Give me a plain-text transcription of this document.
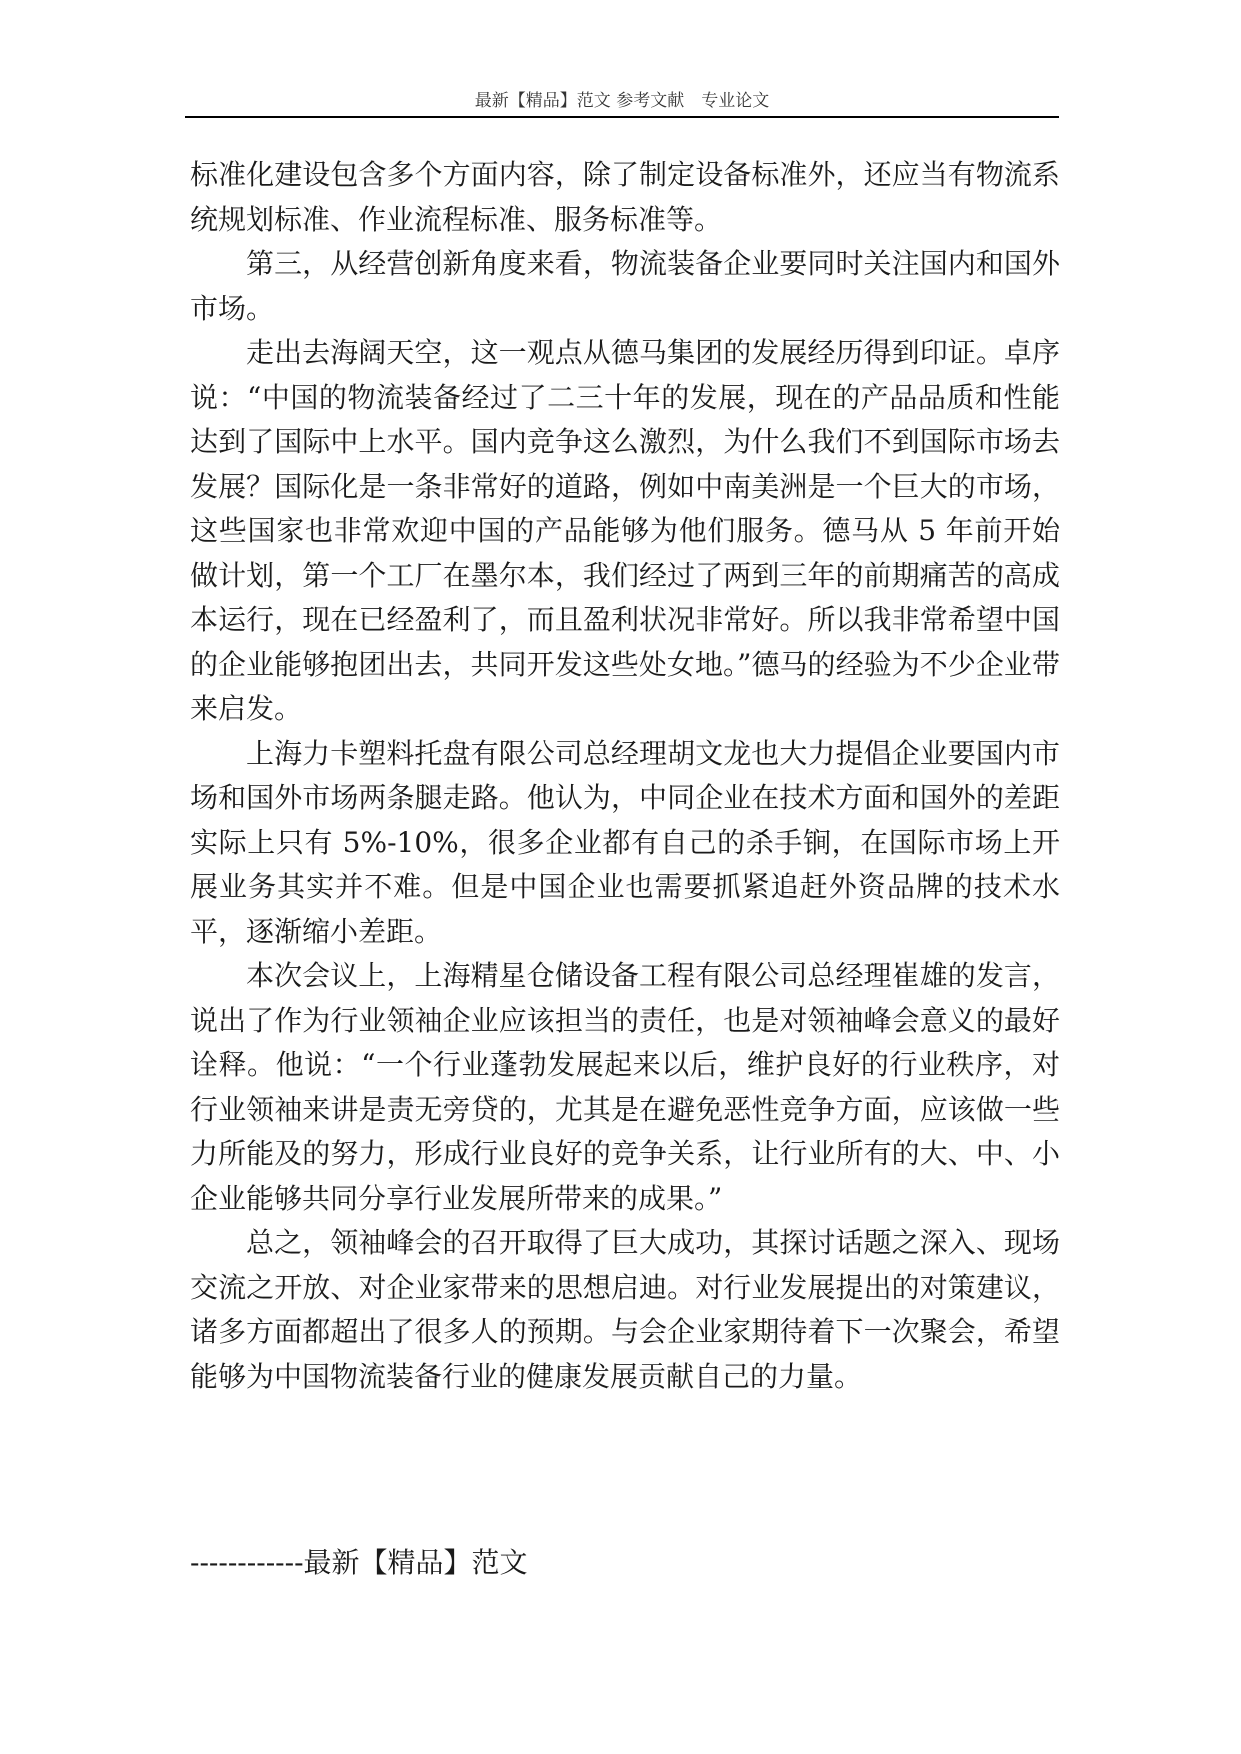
最新【精品】范文 参考文献　专业论文

标准化建设包含多个方面内容，除了制定设备标准外，还应当有物流系统规划标准、作业流程标准、服务标准等。

第三，从经营创新角度来看，物流装备企业要同时关注国内和国外市场。

走出去海阔天空，这一观点从德马集团的发展经历得到印证。卓序说：“中国的物流装备经过了二三十年的发展，现在的产品品质和性能达到了国际中上水平。国内竞争这么激烈，为什么我们不到国际市场去发展？国际化是一条非常好的道路，例如中南美洲是一个巨大的市场，这些国家也非常欢迎中国的产品能够为他们服务。德马从 5 年前开始做计划，第一个工厂在墨尔本，我们经过了两到三年的前期痛苦的高成本运行，现在已经盈利了，而且盈利状况非常好。所以我非常希望中国的企业能够抱团出去，共同开发这些处女地。”德马的经验为不少企业带来启发。

上海力卡塑料托盘有限公司总经理胡文龙也大力提倡企业要国内市场和国外市场两条腿走路。他认为，中同企业在技术方面和国外的差距实际上只有 5%-10%，很多企业都有自己的杀手锏，在国际市场上开展业务其实并不难。但是中国企业也需要抓紧追赶外资品牌的技术水平，逐渐缩小差距。

本次会议上，上海精星仓储设备工程有限公司总经理崔雄的发言，说出了作为行业领袖企业应该担当的责任，也是对领袖峰会意义的最好诠释。他说：“一个行业蓬勃发展起来以后，维护良好的行业秩序，对行业领袖来讲是责无旁贷的，尤其是在避免恶性竞争方面，应该做一些力所能及的努力，形成行业良好的竞争关系，让行业所有的大、中、小企业能够共同分享行业发展所带来的成果。”

总之，领袖峰会的召开取得了巨大成功，其探讨话题之深入、现场交流之开放、对企业家带来的思想启迪。对行业发展提出的对策建议，诸多方面都超出了很多人的预期。与会企业家期待着下一次聚会，希望能够为中国物流装备行业的健康发展贡献自己的力量。

------------最新【精品】范文
